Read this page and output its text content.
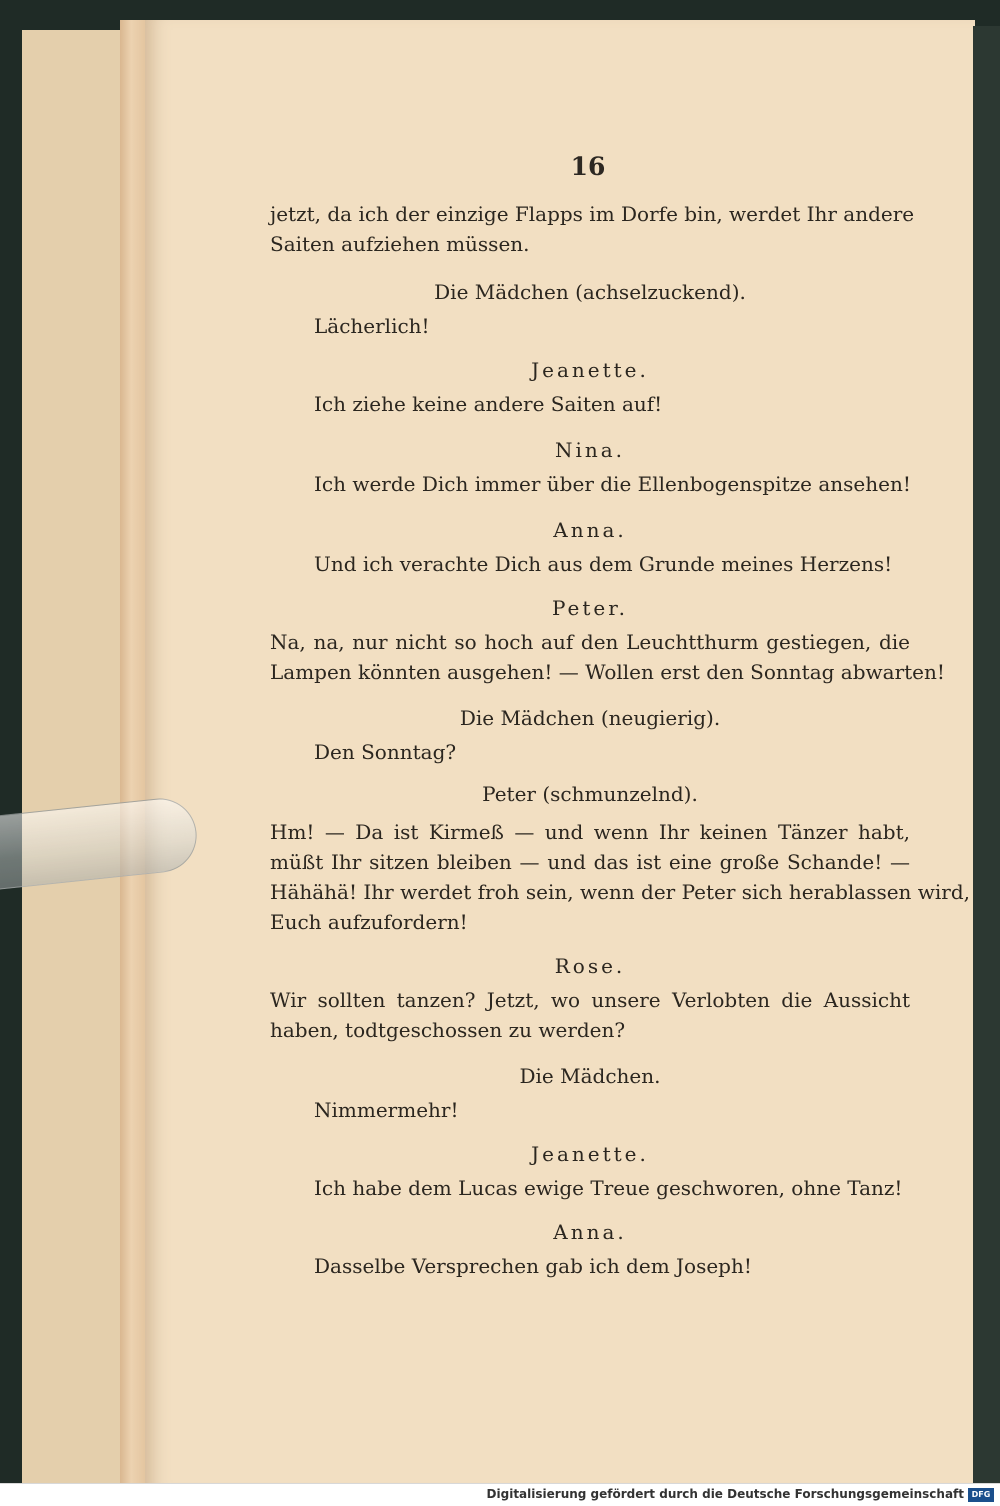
16
jetzt, da ich der einzige Flapps im Dorfe bin, werdet Ihr andere
Saiten aufziehen müssen.
Die Mädchen (achselzuckend).
Lächerlich!
Jeanette.
Ich ziehe keine andere Saiten auf!
Nina.
Ich werde Dich immer über die Ellenbogenspitze ansehen!
Anna.
Und ich verachte Dich aus dem Grunde meines Herzens!
Peter.
Na, na, nur nicht so hoch auf den Leuchtthurm gestiegen, die
Lampen könnten ausgehen! — Wollen erst den Sonntag abwarten!
Die Mädchen (neugierig).
Den Sonntag?
Peter (schmunzelnd).
Hm! — Da ist Kirmeß — und wenn Ihr keinen Tänzer habt,
müßt Ihr sitzen bleiben — und das ist eine große Schande! —
Hähähä! Ihr werdet froh sein, wenn der Peter sich herablassen wird,
Euch aufzufordern!
Rose.
Wir sollten tanzen? Jetzt, wo unsere Verlobten die Aussicht
haben, todtgeschossen zu werden?
Die Mädchen.
Nimmermehr!
Jeanette.
Ich habe dem Lucas ewige Treue geschworen, ohne Tanz!
Anna.
Dasselbe Versprechen gab ich dem Joseph!
Digitalisierung gefördert durch die Deutsche Forschungsgemeinschaft DFG
